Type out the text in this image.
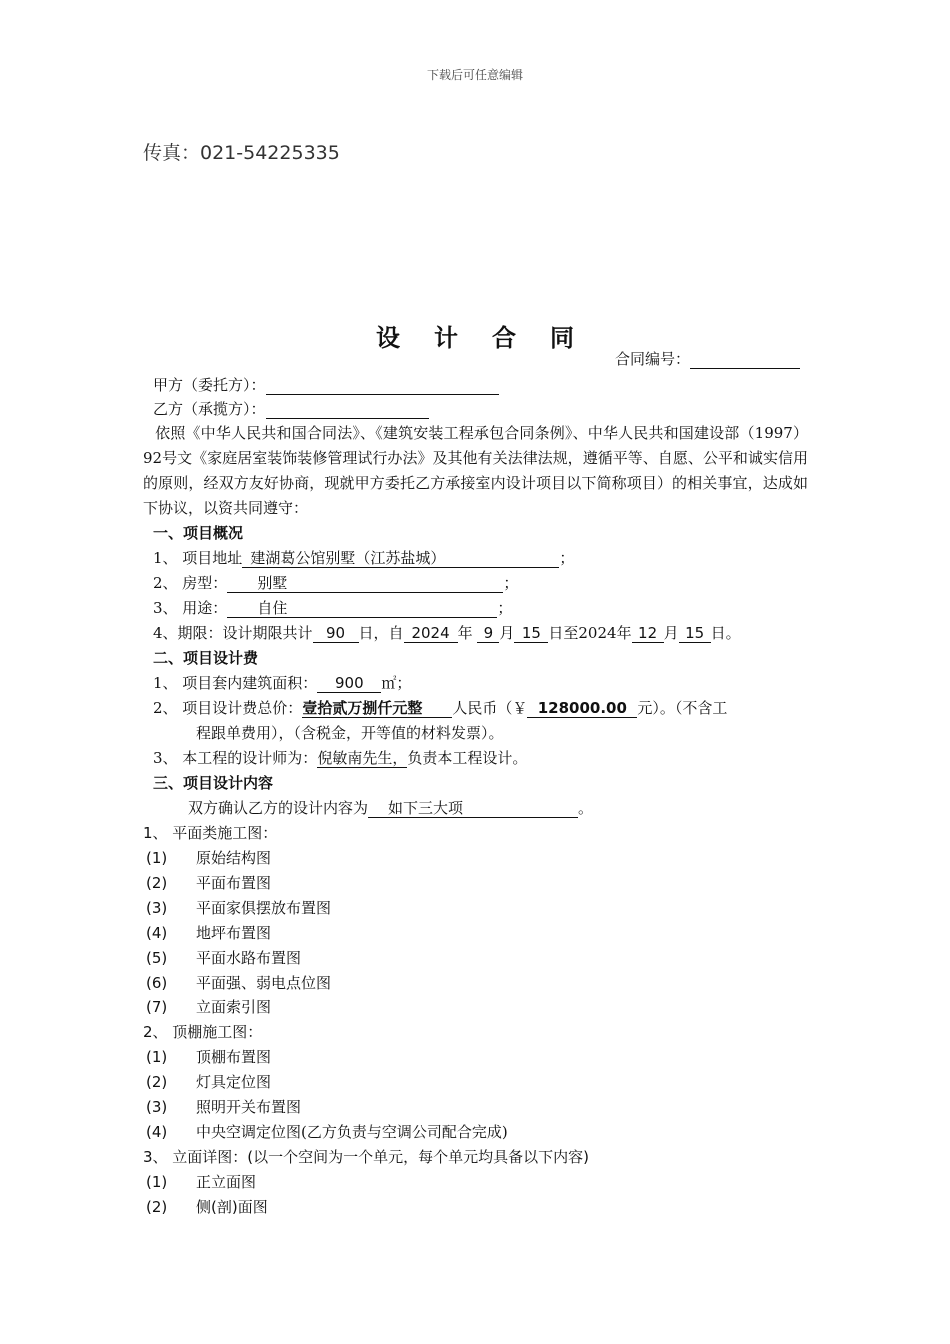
下载后可任意编辑
传真：021-54225335
设计合同
合同编号：
甲方（委托方）：
乙方（承揽方）：
依照《中华人民共和国合同法》、《建筑安装工程承包合同条例》、中华人民共和国建设部（1997）92号文《家庭居室装饰装修管理试行办法》及其他有关法律法规，遵循平等、自愿、公平和诚实信用的原则，经双方友好协商，现就甲方委托乙方承接室内设计项目以下简称项目）的相关事宜，达成如下协议，以资共同遵守：
一、项目概况
1、 项目地址 建湖葛公馆别墅（江苏盐城）	；
2、 房型： 别墅	；
3、 用途： 自住	；
4、期限：设计期限共计 90 日，自 2024 年 9 月 15 日至2024年 12 月 15 日。
二、项目设计费
1、 项目套内建筑面积： 900 ㎡；
2、 项目设计费总价：壹拾贰万捌仟元整 人民币（￥ 128000.00 元）。（不含工
程跟单费用），（含税金，开等值的材料发票）。
3、 本工程的设计师为：倪敏南先生，负责本工程设计。
三、项目设计内容
双方确认乙方的设计内容为 如下三大项	。
1、 平面类施工图：
(1) 原始结构图
(2) 平面布置图
(3) 平面家俱摆放布置图
(4) 地坪布置图
(5) 平面水路布置图
(6) 平面强、弱电点位图
(7) 立面索引图
2、 顶棚施工图：
(1) 顶棚布置图
(2) 灯具定位图
(3) 照明开关布置图
(4) 中央空调定位图(乙方负责与空调公司配合完成)
3、 立面详图：(以一个空间为一个单元，每个单元均具备以下内容)
(1) 正立面图
(2) 侧(剖)面图
